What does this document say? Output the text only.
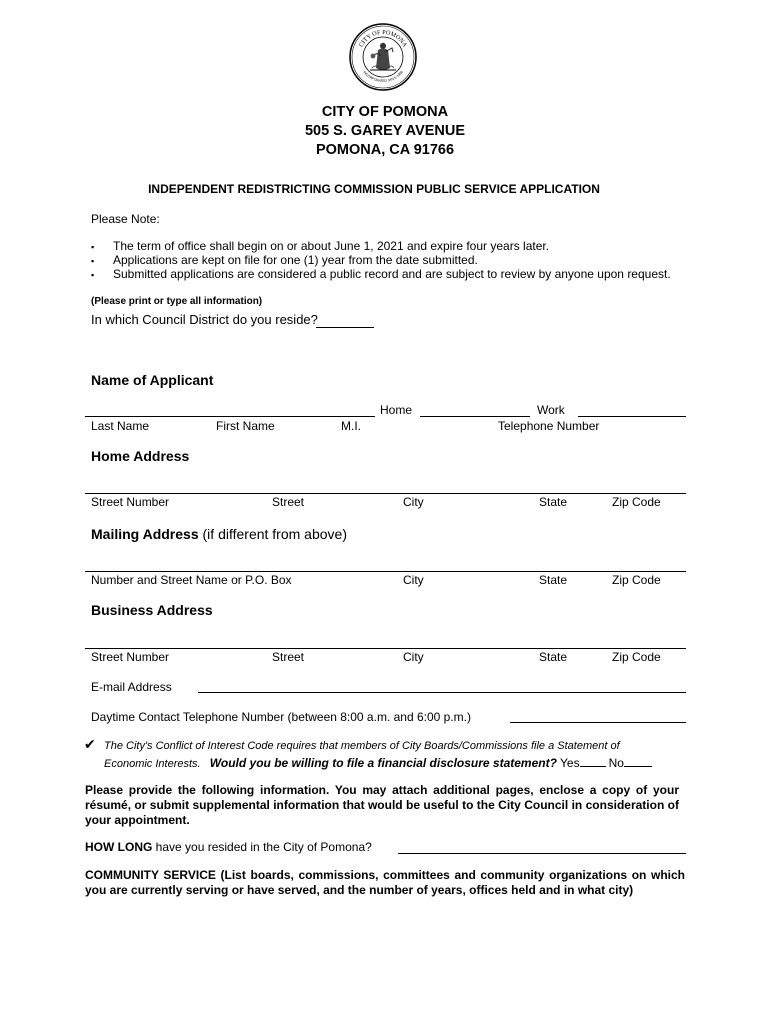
CITY OF POMONA
INCORPORATED JAN 6 1888
CITY OF POMONA
505 S. GAREY AVENUE
POMONA, CA 91766
INDEPENDENT REDISTRICTING COMMISSION PUBLIC SERVICE APPLICATION
Please Note:
▪ The term of office shall begin on or about June 1, 2021 and expire four years later.
▪ Applications are kept on file for one (1) year from the date submitted.
▪ Submitted applications are considered a public record and are subject to review by anyone upon request.
(Please print or type all information)
In which Council District do you reside?
Name of Applicant
Home	Work
Last Name	First Name	M.I.	Telephone Number
Home Address
Street Number	Street	City	State	Zip Code
Mailing Address (if different from above)
Number and Street Name or P.O. Box	City	State	Zip Code
Business Address
Street Number	Street	City	State	Zip Code
E-mail Address
Daytime Contact Telephone Number (between 8:00 a.m. and 6:00 p.m.)
✔ The City's Conflict of Interest Code requires that members of City Boards/Commissions file a Statement of
Economic Interests. Would you be willing to file a financial disclosure statement? Yes No
Please provide the following information. You may attach additional pages, enclose a copy of your résumé, or submit supplemental information that would be useful to the City Council in consideration of your appointment.
HOW LONG have you resided in the City of Pomona?
COMMUNITY SERVICE (List boards, commissions, committees and community organizations on which you are currently serving or have served, and the number of years, offices held and in what city)
